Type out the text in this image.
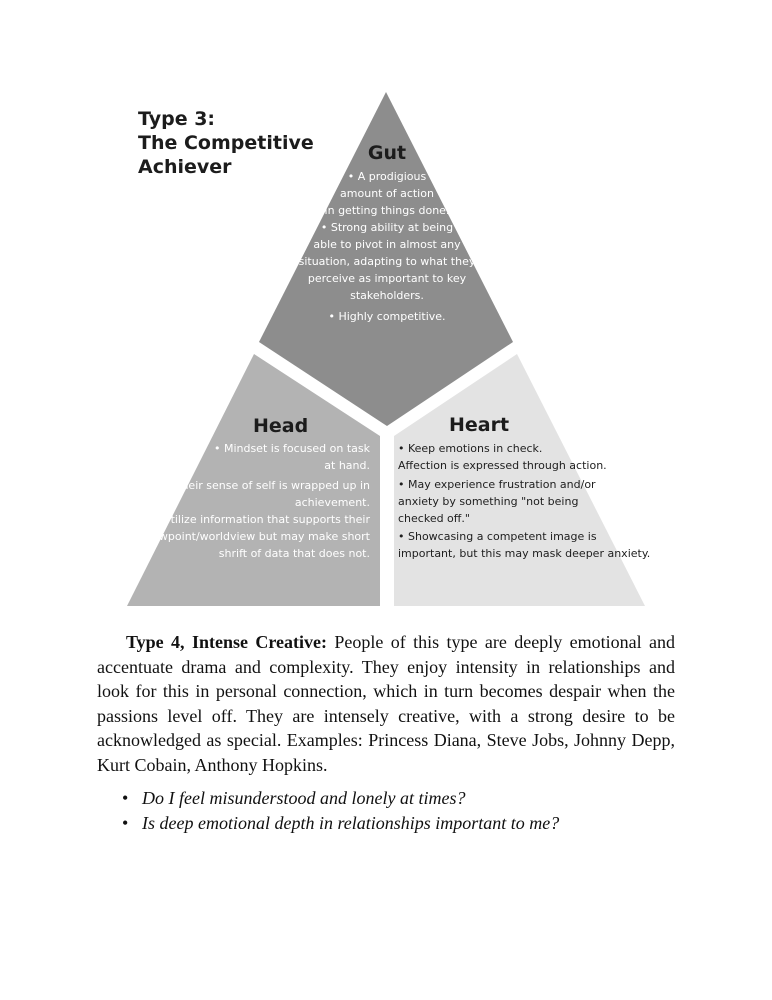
Type 3:
The Competitive
Achiever
Gut
• A prodigious
amount of action
in getting things done.
• Strong ability at being
able to pivot in almost any
situation, adapting to what they
perceive as important to key
stakeholders.
• Highly competitive.
Head
• Mindset is focused on task
at hand.
• Their sense of self is wrapped up in
achievement.
• Utilize information that supports their
viewpoint/worldview but may make short
shrift of data that does not.
Heart
• Keep emotions in check.
Affection is expressed through action.
• May experience frustration and/or
anxiety by something "not being
checked off."
• Showcasing a competent image is
important, but this may mask deeper anxiety.

Type 4, Intense Creative: People of this type are deeply emotional and accentuate drama and complexity. They enjoy intensity in relationships and look for this in personal connection, which in turn becomes despair when the passions level off. They are intensely creative, with a strong desire to be acknowledged as special. Examples: Princess Diana, Steve Jobs, Johnny Depp, Kurt Cobain, Anthony Hopkins.

• Do I feel misunderstood and lonely at times?
• Is deep emotional depth in relationships important to me?
